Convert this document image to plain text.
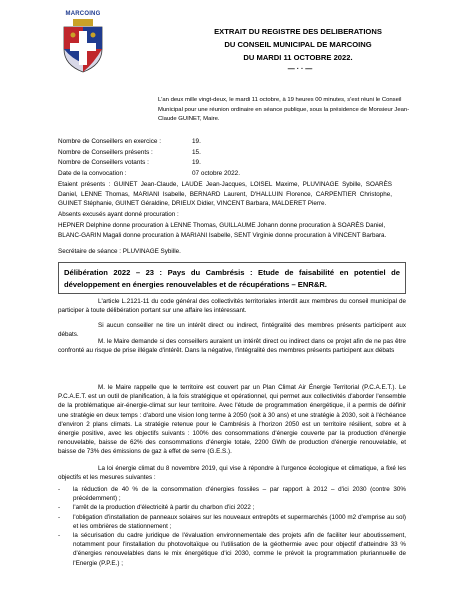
MARCOING
EXTRAIT DU REGISTRE DES DELIBERATIONS
DU CONSEIL MUNICIPAL DE MARCOING
DU MARDI 11 OCTOBRE 2022.
— · · —
L'an deux mille vingt-deux, le mardi 11 octobre, à 19 heures 00 minutes, s'est réuni le Conseil Municipal pour une réunion ordinaire en séance publique, sous la présidence de Monsieur Jean-Claude GUINET, Maire.
Nombre de Conseillers en exercice :	19.
Nombre de Conseillers présents :	15.
Nombre de Conseillers votants :	19.
Date de la convocation :	07 octobre 2022.
Etaient présents : GUINET Jean-Claude, LAUDE Jean-Jacques, LOISEL Maxime, PLUVINAGE Sybille, SOARÈS Daniel, LENNE Thomas, MARIANI Isabelle, BERNARD Laurent, D'HALLUIN Florence, CARPENTIER Christophe, GUINET Stéphanie, GUINET Géraldine, DRIEUX Didier, VINCENT Barbara, MALDERET Pierre.
Absents excusés ayant donné procuration :
HEPNER Delphine donne procuration à LENNE Thomas, GUILLAUME Johann donne procuration à SOARÈS Daniel, BLANC-GARIN Magali donne procuration à MARIANI Isabelle, SENT Virginie donne procuration à VINCENT Barbara.
Secrétaire de séance : PLUVINAGE Sybille.
Délibération 2022 – 23 : Pays du Cambrésis : Etude de faisabilité en potentiel de développement en énergies renouvelables et de récupérations – ENR&R.
L'article L.2121-11 du code général des collectivités territoriales interdit aux membres du conseil municipal de participer à toute délibération portant sur une affaire les intéressant.
Si aucun conseiller ne tire un intérêt direct ou indirect, l'intégralité des membres présents participent aux débats.
M. le Maire demande si des conseillers auraient un intérêt direct ou indirect dans ce projet afin de ne pas être confronté au risque de prise illégale d'intérêt. Dans la négative, l'intégralité des membres présents participent aux débats
M. le Maire rappelle que le territoire est couvert par un Plan Climat Air Énergie Territorial (P.C.A.E.T.). Le P.C.A.E.T. est un outil de planification, à la fois stratégique et opérationnel, qui permet aux collectivités d'aborder l'ensemble de la problématique air-énergie-climat sur leur territoire. Avec l'étude de programmation énergétique, il a permis de définir une stratégie en deux temps : d'abord une vision long terme à 2050 (soit à 30 ans) et une stratégie à 2030, soit à l'échéance d'environ 2 plans climats. La stratégie retenue pour le Cambrésis à l'horizon 2050 est un territoire résilient, sobre et à énergie positive, avec les objectifs suivants : 100% des consommations d'énergie couverte par la production d'énergie renouvelable, baisse de 62% des consommations d'énergie totale, 2200 GWh de production d'énergie renouvelable, et baisse de 73% des émissions de gaz à effet de serre (G.E.S.).
La loi énergie climat du 8 novembre 2019, qui vise à répondre à l'urgence écologique et climatique, a fixé les objectifs et les mesures suivantes :
-	la réduction de 40 % de la consommation d'énergies fossiles – par rapport à 2012 – d'ici 2030 (contre 30% précédemment) ;
-	l'arrêt de la production d'électricité à partir du charbon d'ici 2022 ;
-	l'obligation d'installation de panneaux solaires sur les nouveaux entrepôts et supermarchés (1000 m2 d'emprise au sol) et les ombrières de stationnement ;
-	la sécurisation du cadre juridique de l'évaluation environnementale des projets afin de faciliter leur aboutissement, notamment pour l'installation du photovoltaïque ou l'utilisation de la géothermie avec pour objectif d'atteindre 33 % d'énergies renouvelables dans le mix énergétique d'ici 2030, comme le prévoit la programmation pluriannuelle de l'Energie (P.P.E.) ;
